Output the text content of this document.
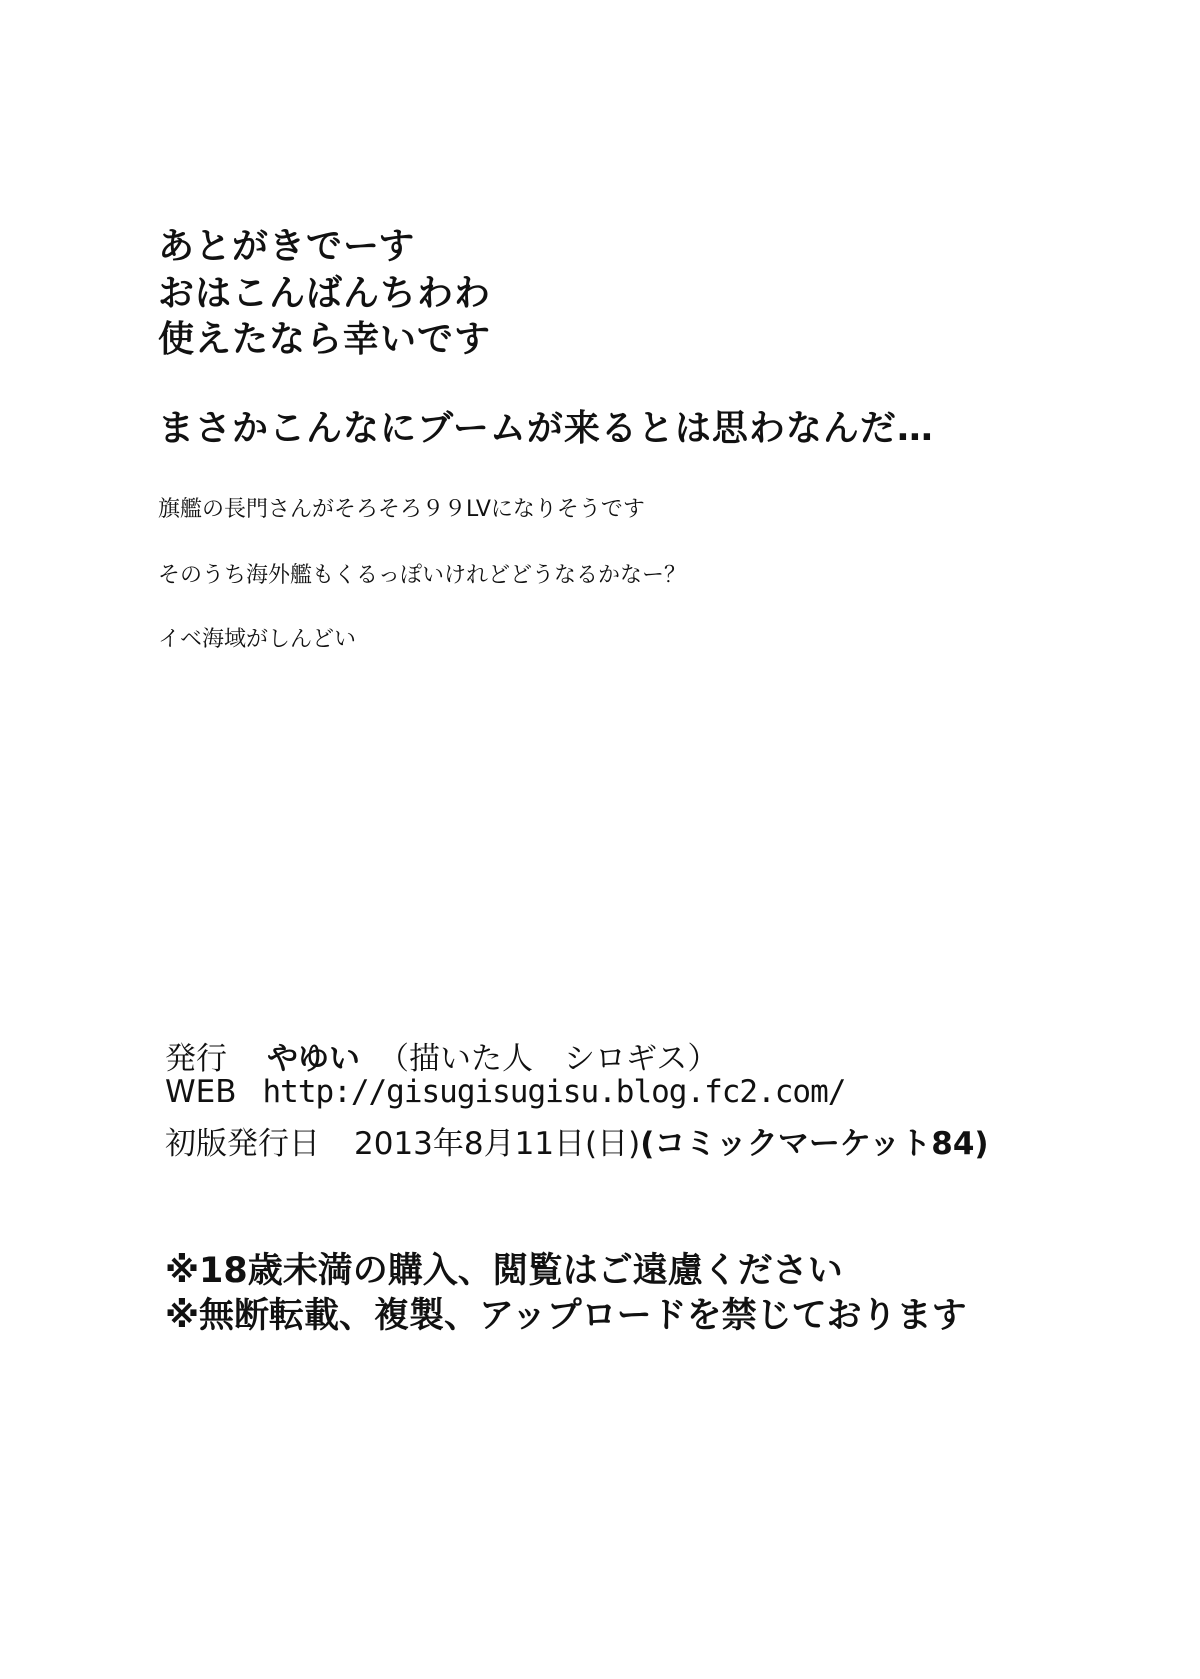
あとがきでーす

おはこんばんちわわ

使えたなら幸いです

まさかこんなにブームが来るとは思わなんだ…

旗艦の長門さんがそろそろ９９LVになりそうです

そのうち海外艦もくるっぽいけれどどうなるかなー？

イベ海域がしんどい

発行 やゆい （描いた人　シロギス）
WEB http://gisugisugisu.blog.fc2.com/
初版発行日 2013年8月11日(日)(コミックマーケット84)

※18歳未満の購入、閲覧はご遠慮ください

※無断転載、複製、アップロードを禁じております
